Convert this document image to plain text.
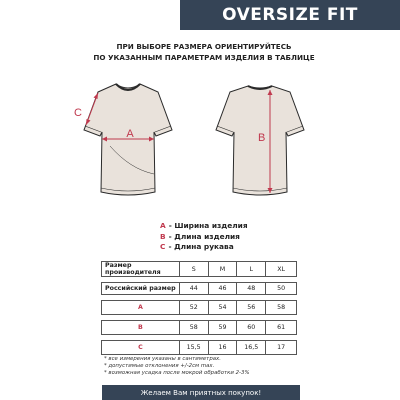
OVERSIZE FIT
ПРИ ВЫБОРЕ РАЗМЕРА ОРИЕНТИРУЙТЕСЬ
ПО УКАЗАННЫМ ПАРАМЕТРАМ ИЗДЕЛИЯ В ТАБЛИЦЕ
A
C
B
A - Ширина изделия
B - Длина изделия
C - Длина рукава
Размер производителя	S	M	L	XL

Российский размер	44	46	48	50

A	52	54	56	58

B	58	59	60	61

C	15,5	16	16,5	17
* все измерения указаны в сантиметрах.
* допустимые отклонения +/-2см max.
* возможная усадка после мокрой обработки 2-3%
Желаем Вам приятных покупок!
